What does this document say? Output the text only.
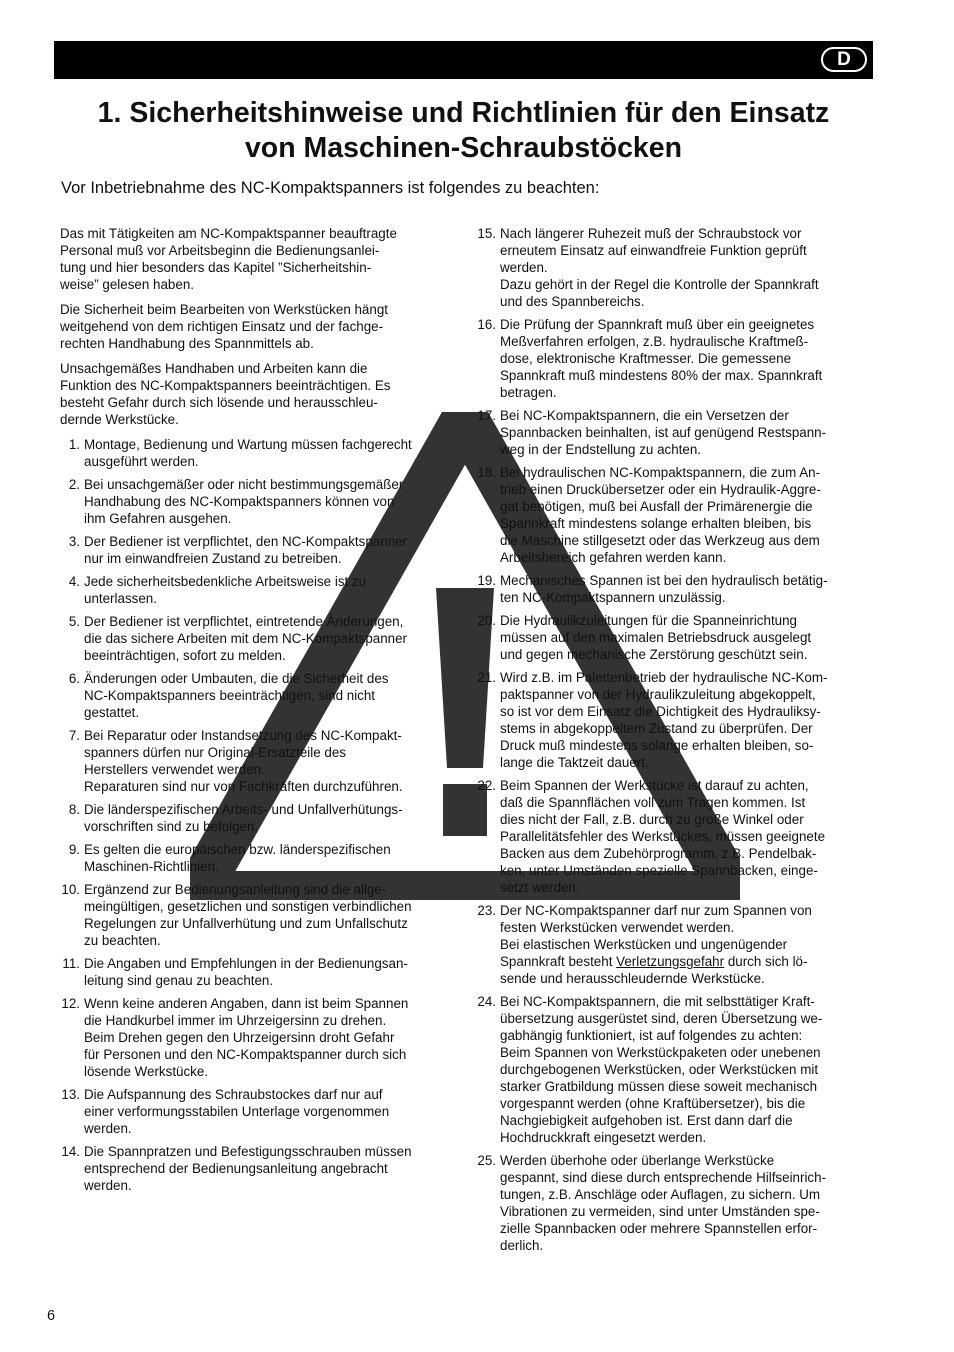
D
1. Sicherheitshinweise und Richtlinien für den Einsatz
von Maschinen-Schraubstöcken

Vor Inbetriebnahme des NC-Kompaktspanners ist folgendes zu beachten:

Das mit Tätigkeiten am NC-Kompaktspanner beauftragte
Personal muß vor Arbeitsbeginn die Bedienungsanlei-
tung und hier besonders das Kapitel ”Sicherheitshin-
weise” gelesen haben.

Die Sicherheit beim Bearbeiten von Werkstücken hängt
weitgehend von dem richtigen Einsatz und der fachge-
rechten Handhabung des Spannmittels ab.

Unsachgemäßes Handhaben und Arbeiten kann die
Funktion des NC-Kompaktspanners beeinträchtigen. Es
besteht Gefahr durch sich lösende und herausschleu-
dernde Werkstücke.

1. Montage, Bedienung und Wartung müssen fachgerecht
ausgeführt werden.
2. Bei unsachgemäßer oder nicht bestimmungsgemäßer
Handhabung des NC-Kompaktspanners können von
ihm Gefahren ausgehen.
3. Der Bediener ist verpflichtet, den NC-Kompaktspanner
nur im einwandfreien Zustand zu betreiben.
4. Jede sicherheitsbedenkliche Arbeitsweise ist zu
unterlassen.
5. Der Bediener ist verpflichtet, eintretende Änderungen,
die das sichere Arbeiten mit dem NC-Kompaktspanner
beeinträchtigen, sofort zu melden.
6. Änderungen oder Umbauten, die die Sicherheit des
NC-Kompaktspanners beeinträchtigen, sind nicht
gestattet.
7. Bei Reparatur oder Instandsetzung des NC-Kompakt-
spanners dürfen nur Original-Ersatzteile des
Herstellers verwendet werden.
Reparaturen sind nur von Fachkräften durchzuführen.
8. Die länderspezifischen Arbeits- und Unfallverhütungs-
vorschriften sind zu befolgen.
9. Es gelten die europäischen bzw. länderspezifischen
Maschinen-Richtlinien.
10. Ergänzend zur Bedienungsanleitung sind die allge-
meingültigen, gesetzlichen und sonstigen verbindlichen
Regelungen zur Unfallverhütung und zum Unfallschutz
zu beachten.
11. Die Angaben und Empfehlungen in der Bedienungsan-
leitung sind genau zu beachten.
12. Wenn keine anderen Angaben, dann ist beim Spannen
die Handkurbel immer im Uhrzeigersinn zu drehen.
Beim Drehen gegen den Uhrzeigersinn droht Gefahr
für Personen und den NC-Kompaktspanner durch sich
lösende Werkstücke.
13. Die Aufspannung des Schraubstockes darf nur auf
einer verformungsstabilen Unterlage vorgenommen
werden.
14. Die Spannpratzen und Befestigungsschrauben müssen
entsprechend der Bedienungsanleitung angebracht
werden.
15. Nach längerer Ruhezeit muß der Schraubstock vor
erneutem Einsatz auf einwandfreie Funktion geprüft
werden.
Dazu gehört in der Regel die Kontrolle der Spannkraft
und des Spannbereichs.
16. Die Prüfung der Spannkraft muß über ein geeignetes
Meßverfahren erfolgen, z.B. hydraulische Kraftmeß-
dose, elektronische Kraftmesser. Die gemessene
Spannkraft muß mindestens 80% der max. Spannkraft
betragen.
17. Bei NC-Kompaktspannern, die ein Versetzen der
Spannbacken beinhalten, ist auf genügend Restspann-
weg in der Endstellung zu achten.
18. Bei hydraulischen NC-Kompaktspannern, die zum An-
trieb einen Druckübersetzer oder ein Hydraulik-Aggre-
gat benötigen, muß bei Ausfall der Primärenergie die
Spannkraft mindestens solange erhalten bleiben, bis
die Maschine stillgesetzt oder das Werkzeug aus dem
Arbeitsbereich gefahren werden kann.
19. Mechanisches Spannen ist bei den hydraulisch betätig-
ten NC-Kompaktspannern unzulässig.
20. Die Hydraulikzuleitungen für die Spanneinrichtung
müssen auf den maximalen Betriebsdruck ausgelegt
und gegen mechanische Zerstörung geschützt sein.
21. Wird z.B. im Palettenbetrieb der hydraulische NC-Kom-
paktspanner von der Hydraulikzuleitung abgekoppelt,
so ist vor dem Einsatz die Dichtigkeit des Hydrauliksy-
stems in abgekoppeltem Zustand zu überprüfen. Der
Druck muß mindestens solange erhalten bleiben, so-
lange die Taktzeit dauert.
22. Beim Spannen der Werkstücke ist darauf zu achten,
daß die Spannflächen voll zum Tragen kommen. Ist
dies nicht der Fall, z.B. durch zu große Winkel oder
Parallelitätsfehler des Werkstückes, müssen geeignete
Backen aus dem Zubehörprogramm, z.B. Pendelbak-
ken, unter Umständen spezielle Spannbacken, einge-
setzt werden.
23. Der NC-Kompaktspanner darf nur zum Spannen von
festen Werkstücken verwendet werden.
Bei elastischen Werkstücken und ungenügender
Spannkraft besteht Verletzungsgefahr durch sich lö-
sende und herausschleudernde Werkstücke.
24. Bei NC-Kompaktspannern, die mit selbsttätiger Kraft-
übersetzung ausgerüstet sind, deren Übersetzung we-
gabhängig funktioniert, ist auf folgendes zu achten:
Beim Spannen von Werkstückpaketen oder unebenen
durchgebogenen Werkstücken, oder Werkstücken mit
starker Gratbildung müssen diese soweit mechanisch
vorgespannt werden (ohne Kraftübersetzer), bis die
Nachgiebigkeit aufgehoben ist. Erst dann darf die
Hochdruckkraft eingesetzt werden.
25. Werden überhohe oder überlange Werkstücke
gespannt, sind diese durch entsprechende Hilfseinrich-
tungen, z.B. Anschläge oder Auflagen, zu sichern. Um
Vibrationen zu vermeiden, sind unter Umständen spe-
zielle Spannbacken oder mehrere Spannstellen erfor-
derlich.
6
